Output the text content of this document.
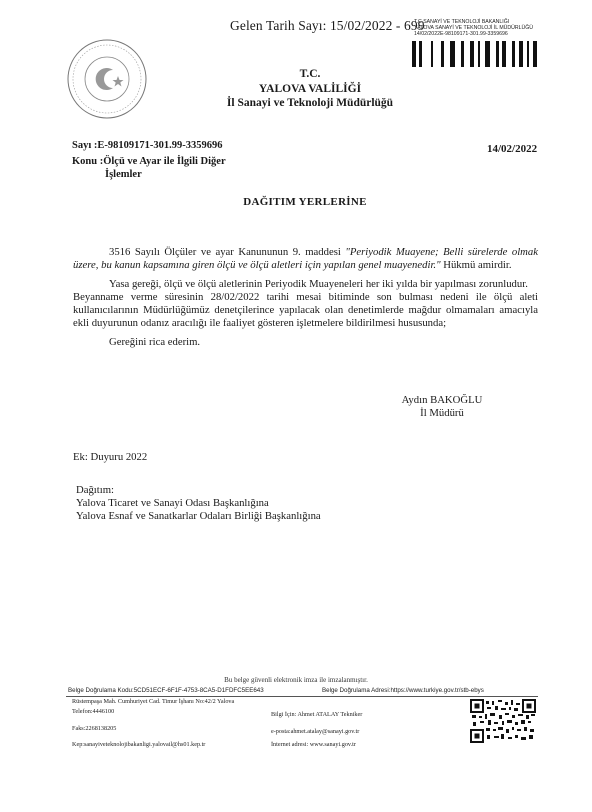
Gelen Tarih Sayı: 15/02/2022 - 699
T.C SANAYİ VE TEKNOLOJİ BAKANLIĞI
YALOVA SANAYİ VE TEKNOLOJİ İL MÜDÜRLÜĞÜ
14/02/2022E-98109171-301.99-3359696
T.C.
YALOVA VALİLİĞİ
İl Sanayi ve Teknoloji Müdürlüğü
Sayı :E-98109171-301.99-3359696
Konu :Ölçü ve Ayar ile İlgili Diğer
İşlemler
14/02/2022
DAĞITIM YERLERİNE

3516 Sayılı Ölçüler ve ayar Kanununun 9. maddesi "Periyodik Muayene; Belli sürelerde olmak üzere, bu kanun kapsamına giren ölçü ve ölçü aletleri için yapılan genel muayenedir." Hükmü amirdir.

Yasa gereği, ölçü ve ölçü aletlerinin Periyodik Muayeneleri her iki yılda bir yapılması zorunludur.

Beyanname verme süresinin 28/02/2022 tarihi mesai bitiminde son bulması nedeni ile ölçü aleti kullanıcılarının Müdürlüğümüz denetçilerince yapılacak olan denetimlerde mağdur olmamaları amacıyla ekli duyurunun odanız aracılığı ile faaliyet gösteren işletmelere bildirilmesi hususunda;

Gereğini rica ederim.

Aydın BAKOĞLU
İl Müdürü
Ek: Duyuru 2022
Dağıtım:
Yalova Ticaret ve Sanayi Odası Başkanlığına
Yalova Esnaf ve Sanatkarlar Odaları Birliği Başkanlığına
Bu belge güvenli elektronik imza ile imzalanmıştır.
Belge Doğrulama Kodu:5CD51ECF-6F1F-4753-8CA5-D1FDFC5EE643	Belge Doğrulama Adresi:https://www.turkiye.gov.tr/stb-ebys
Rüstempaşa Mah. Cumhuriyet Cad. Timur İşhanı No:42/2 Yalova
Telefon:4446100
Faks:2268138205
Kep:sanayiveteknolojibakanligi.yalovail@hs01.kep.tr
Bilgi İçin: Ahmet ATALAY Tekniker
e-posta:ahmet.atalay@sanayi.gov.tr
İnternet adresi: www.sanayi.gov.tr
